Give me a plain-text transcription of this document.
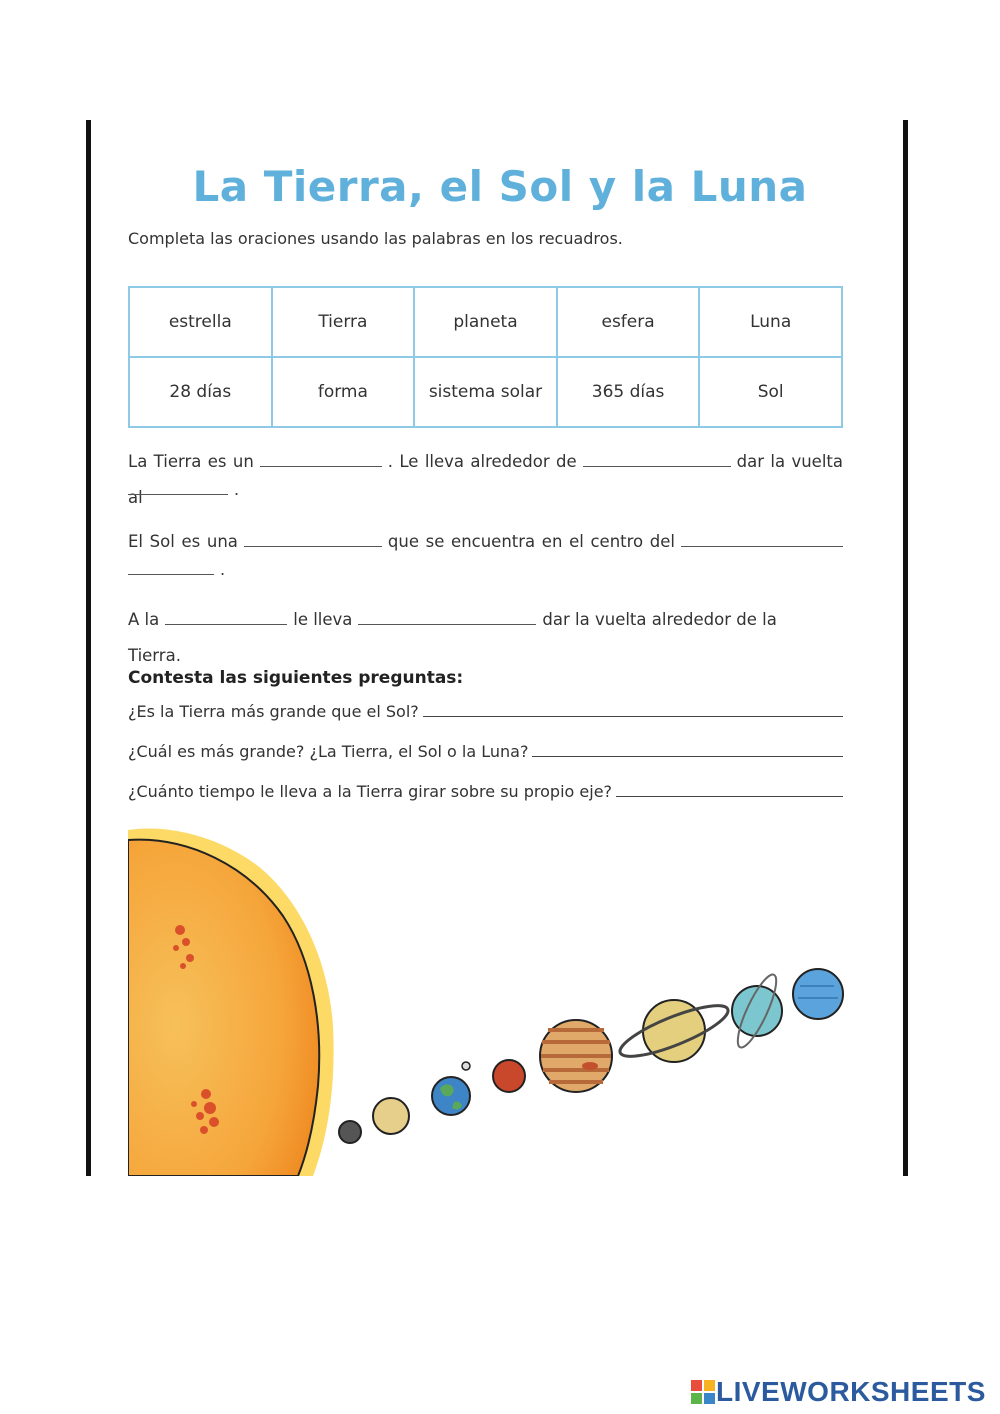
La Tierra, el Sol y la Luna
Completa las oraciones usando las palabras en los recuadros.
estrella	Tierra	planeta	esfera	Luna
28 días	forma	sistema solar	365 días	Sol
La Tierra es un	. Le lleva alrededor de	dar la vuelta al	.
El Sol es una	que se encuentra en el centro del
.
A la	le lleva	dar la vuelta alrededor de la Tierra.
Contesta las siguientes preguntas:
¿Es la Tierra más grande que el Sol?
¿Cuál es más grande? ¿La Tierra, el Sol o la Luna?
¿Cuánto tiempo le lleva a la Tierra girar sobre su propio eje?
LIVEWORKSHEETS
